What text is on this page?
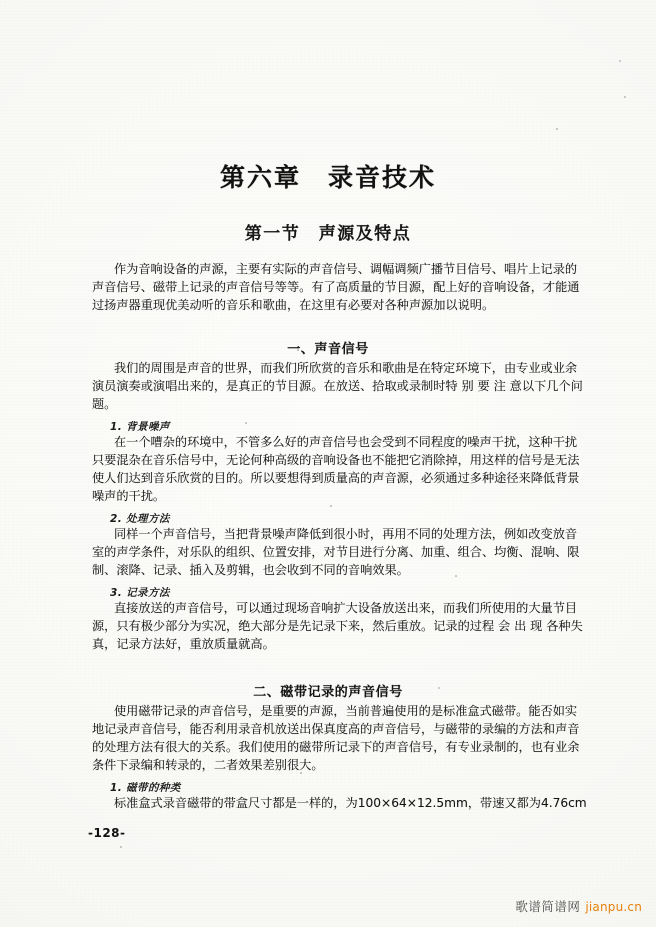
第六章　录音技术
第一节　声源及特点
作为音响设备的声源，主要有实际的声音信号、调幅调频广播节目信号、唱片上记录的
声音信号、磁带上记录的声音信号等等。有了高质量的节目源，配上好的音响设备，才能通
过扬声器重现优美动听的音乐和歌曲，在这里有必要对各种声源加以说明。
一、声音信号
我们的周围是声音的世界，而我们所欣赏的音乐和歌曲是在特定环境下，由专业或业余
演员演奏或演唱出来的，是真正的节目源。在放送、拾取或录制时特 别 要 注 意以下几个问
题。
1. 背景噪声
在一个嘈杂的环境中，不管多么好的声音信号也会受到不同程度的噪声干扰，这种干扰
只要混杂在音乐信号中，无论何种高级的音响设备也不能把它消除掉，用这样的信号是无法
使人们达到音乐欣赏的目的。所以要想得到质量高的声音源，必须通过多种途径来降低背景
噪声的干扰。
2. 处理方法
同样一个声音信号，当把背景噪声降低到很小时，再用不同的处理方法，例如改变放音
室的声学条件，对乐队的组织、位置安排，对节目进行分离、加重、组合、均衡、混响、限
制、滚降、记录、插入及剪辑，也会收到不同的音响效果。
3. 记录方法
直接放送的声音信号，可以通过现场音响扩大设备放送出来，而我们所使用的大量节目
源，只有极少部分为实况，绝大部分是先记录下来，然后重放。记录的过程 会 出 现 各种失
真，记录方法好，重放质量就高。
二、磁带记录的声音信号
使用磁带记录的声音信号，是重要的声源，当前普遍使用的是标准盒式磁带。能否如实
地记录声音信号，能否利用录音机放送出保真度高的声音信号，与磁带的录编的方法和声音
的处理方法有很大的关系。我们使用的磁带所记录下的声音信号，有专业录制的，也有业余
条件下录编和转录的，二者效果差别很大。
1. 磁带的种类
标准盒式录音磁带的带盒尺寸都是一样的，为100×64×12.5mm，带速又都为4.76cm
-128-
歌谱简谱网 jianpu.cn
